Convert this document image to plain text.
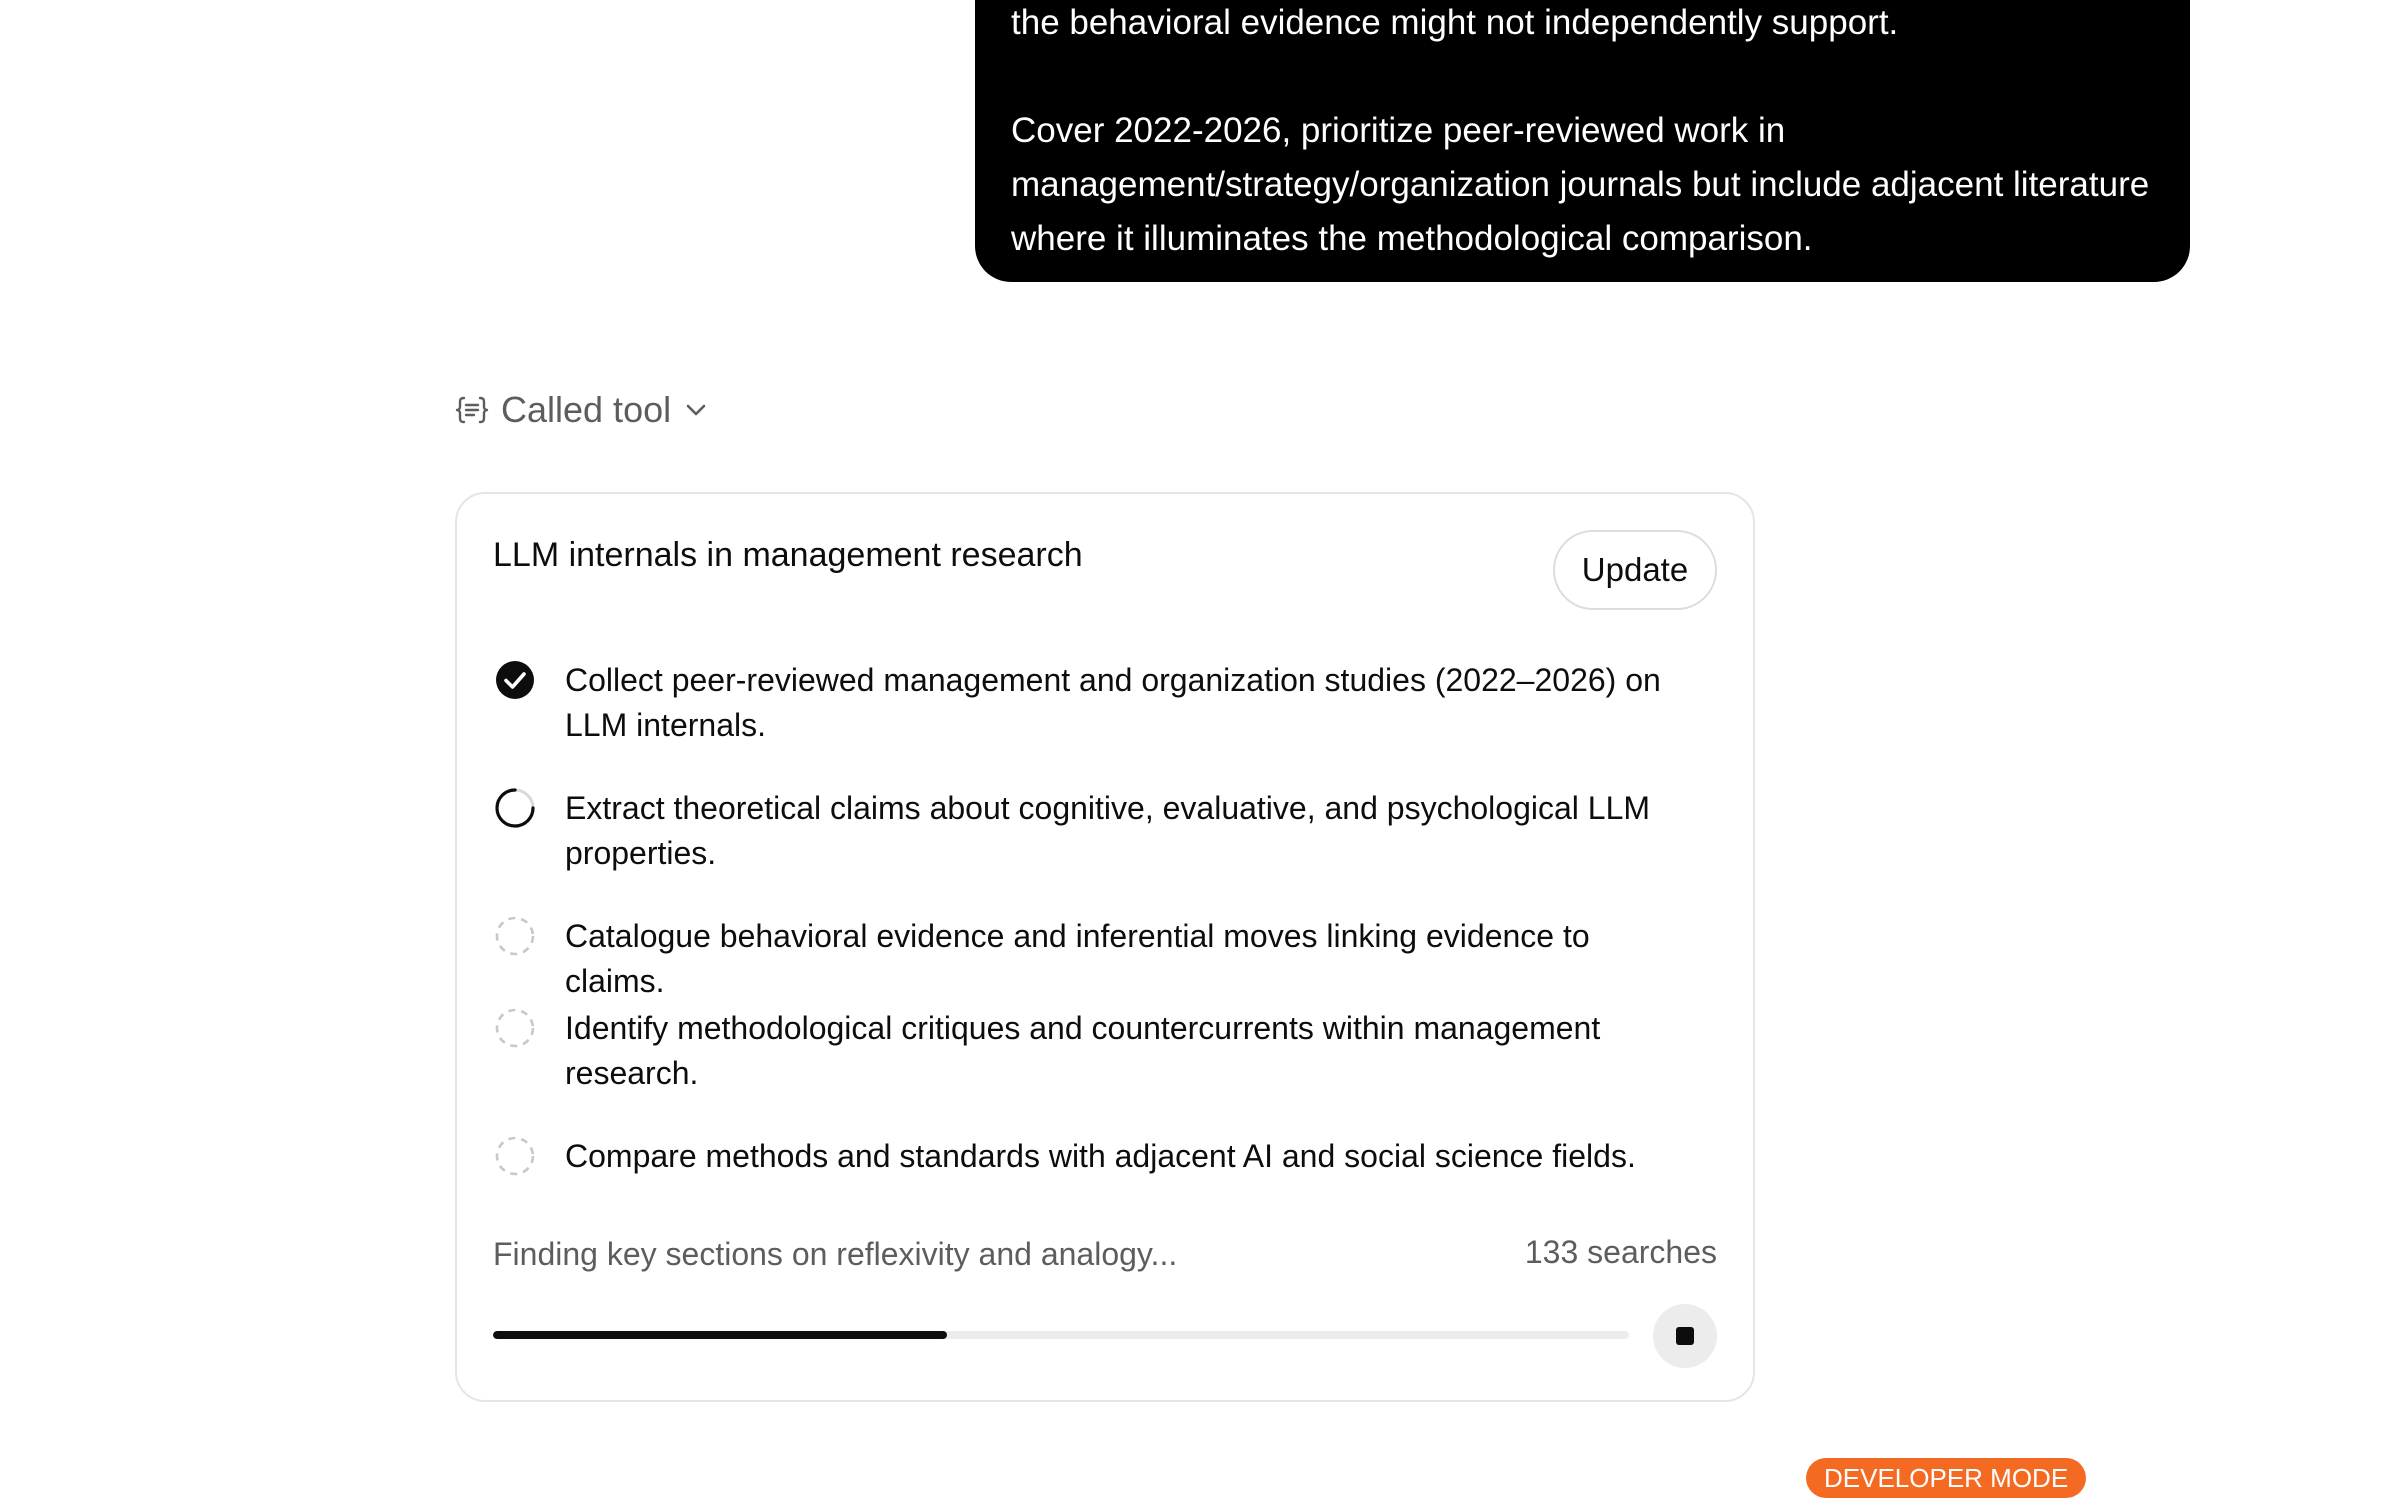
the behavioral evidence might not independently support.

Cover 2022-2026, prioritize peer-reviewed work in management/strategy/organization journals but include adjacent literature where it illuminates the methodological comparison.

Called tool
LLM internals in management research	Update
Collect peer-reviewed management and organization studies (2022–2026) on LLM internals.
Extract theoretical claims about cognitive, evaluative, and psychological LLM properties.
Catalogue behavioral evidence and inferential moves linking evidence to claims.
Identify methodological critiques and countercurrents within management research.
Compare methods and standards with adjacent AI and social science fields.
Finding key sections on reflexivity and analogy...	133 searches
DEVELOPER MODE
